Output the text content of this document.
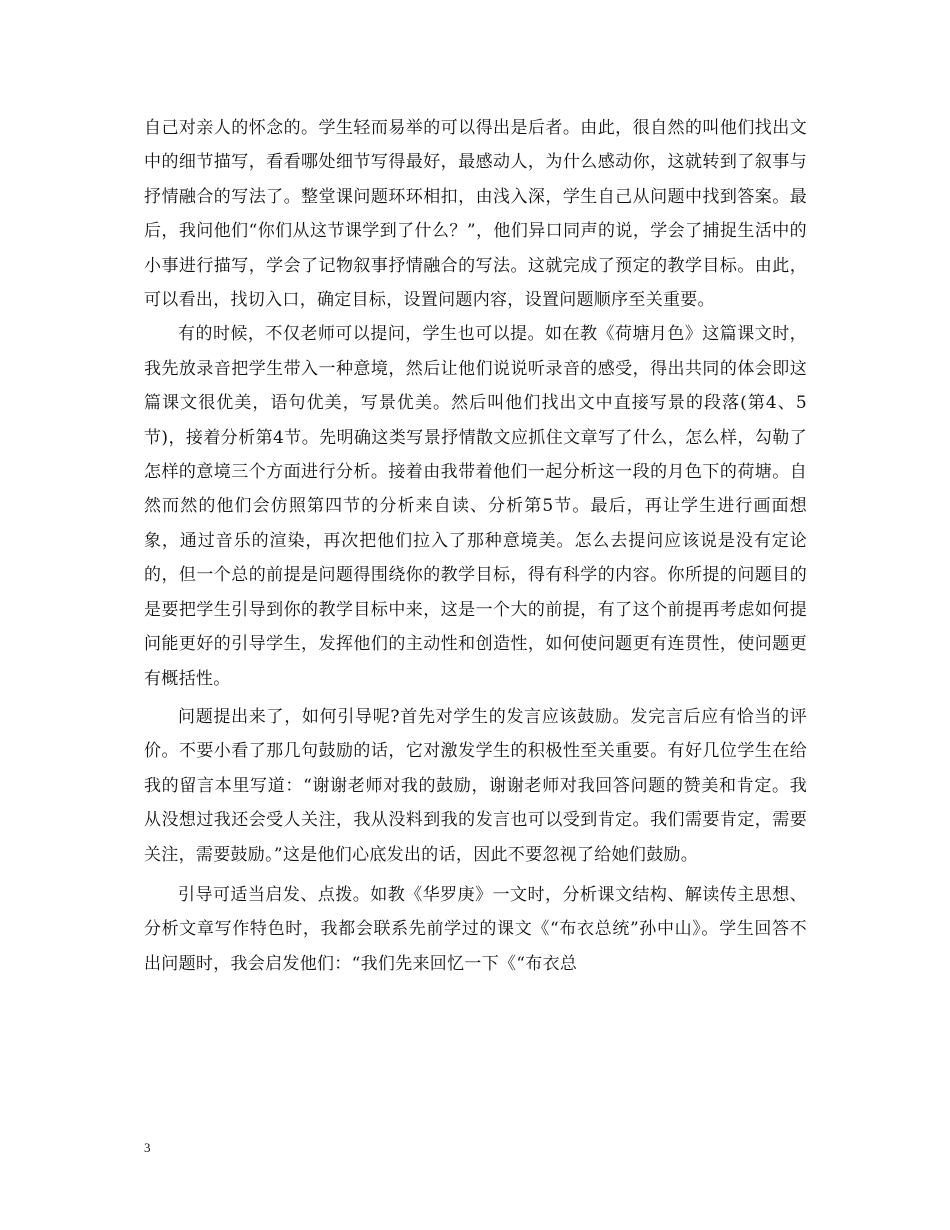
自己对亲人的怀念的。学生轻而易举的可以得出是后者。由此，很自然的叫他们找出文中的细节描写，看看哪处细节写得最好，最感动人，为什么感动你，这就转到了叙事与抒情融合的写法了。整堂课问题环环相扣，由浅入深，学生自己从问题中找到答案。最后，我问他们“你们从这节课学到了什么？”，他们异口同声的说，学会了捕捉生活中的小事进行描写，学会了记物叙事抒情融合的写法。这就完成了预定的教学目标。由此，可以看出，找切入口，确定目标，设置问题内容，设置问题顺序至关重要。

有的时候，不仅老师可以提问，学生也可以提。如在教《荷塘月色》这篇课文时，我先放录音把学生带入一种意境，然后让他们说说听录音的感受，得出共同的体会即这篇课文很优美，语句优美，写景优美。然后叫他们找出文中直接写景的段落(第4、5节)，接着分析第4节。先明确这类写景抒情散文应抓住文章写了什么，怎么样，勾勒了怎样的意境三个方面进行分析。接着由我带着他们一起分析这一段的月色下的荷塘。自然而然的他们会仿照第四节的分析来自读、分析第5节。最后，再让学生进行画面想象，通过音乐的渲染，再次把他们拉入了那种意境美。怎么去提问应该说是没有定论的，但一个总的前提是问题得围绕你的教学目标，得有科学的内容。你所提的问题目的是要把学生引导到你的教学目标中来，这是一个大的前提，有了这个前提再考虑如何提问能更好的引导学生，发挥他们的主动性和创造性，如何使问题更有连贯性，使问题更有概括性。

问题提出来了，如何引导呢?首先对学生的发言应该鼓励。发完言后应有恰当的评价。不要小看了那几句鼓励的话，它对激发学生的积极性至关重要。有好几位学生在给我的留言本里写道：“谢谢老师对我的鼓励，谢谢老师对我回答问题的赞美和肯定。我从没想过我还会受人关注，我从没料到我的发言也可以受到肯定。我们需要肯定，需要关注，需要鼓励。”这是他们心底发出的话，因此不要忽视了给她们鼓励。

引导可适当启发、点拨。如教《华罗庚》一文时，分析课文结构、解读传主思想、分析文章写作特色时，我都会联系先前学过的课文《“布衣总统”孙中山》。学生回答不出问题时，我会启发他们：“我们先来回忆一下《“布衣总

3
